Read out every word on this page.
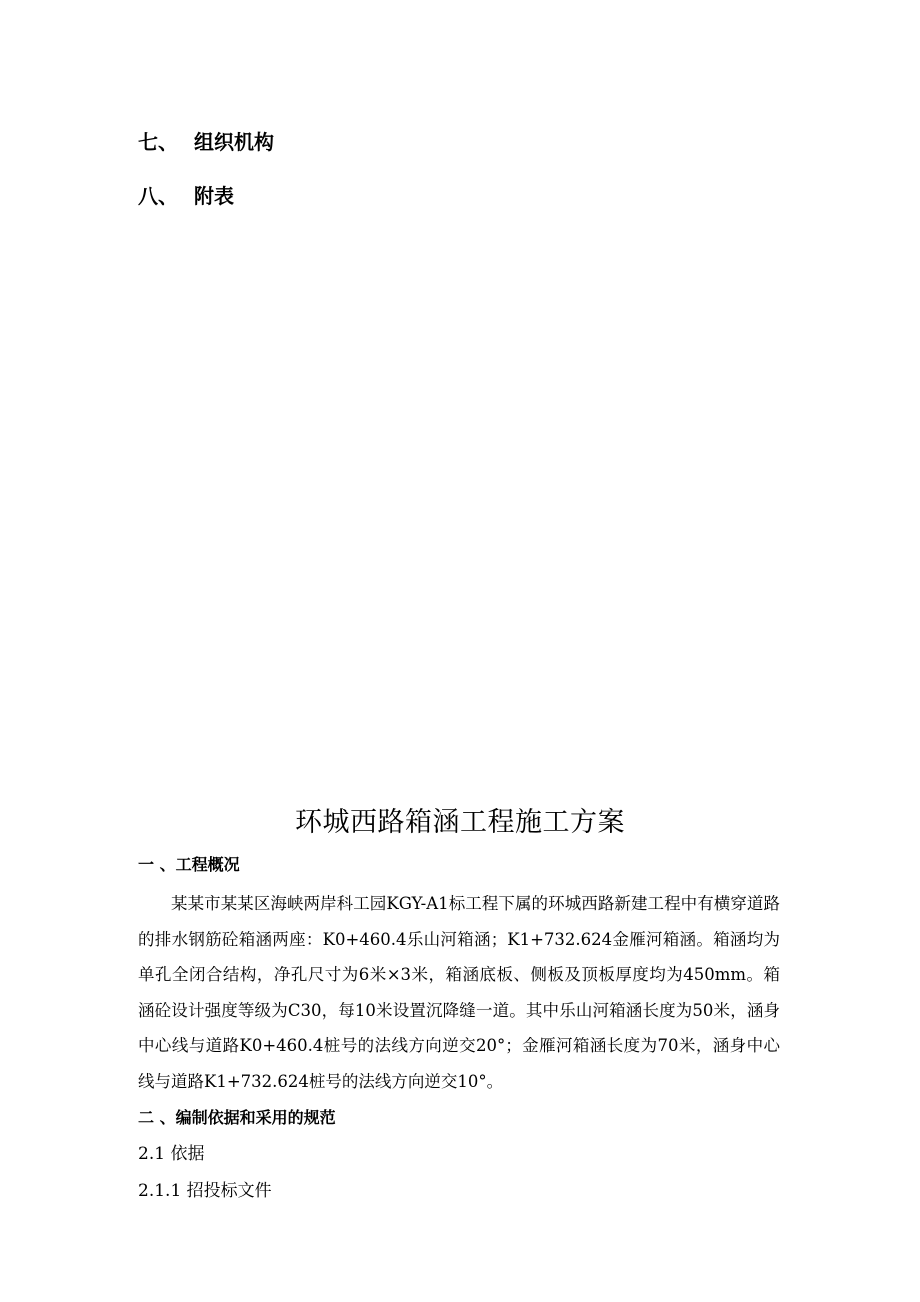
七、 组织机构
八、 附表
环城西路箱涵工程施工方案
一 、工程概况
某某市某某区海峡两岸科工园KGY-A1标工程下属的环城西路新建工程中有横穿道路的排水钢筋砼箱涵两座：K0+460.4乐山河箱涵；K1+732.624金雁河箱涵。箱涵均为单孔全闭合结构，净孔尺寸为6米×3米，箱涵底板、侧板及顶板厚度均为450mm。箱涵砼设计强度等级为C30，每10米设置沉降缝一道。其中乐山河箱涵长度为50米，涵身中心线与道路K0+460.4桩号的法线方向逆交20°；金雁河箱涵长度为70米，涵身中心线与道路K1+732.624桩号的法线方向逆交10°。
二 、编制依据和采用的规范
2.1 依据
2.1.1 招投标文件
